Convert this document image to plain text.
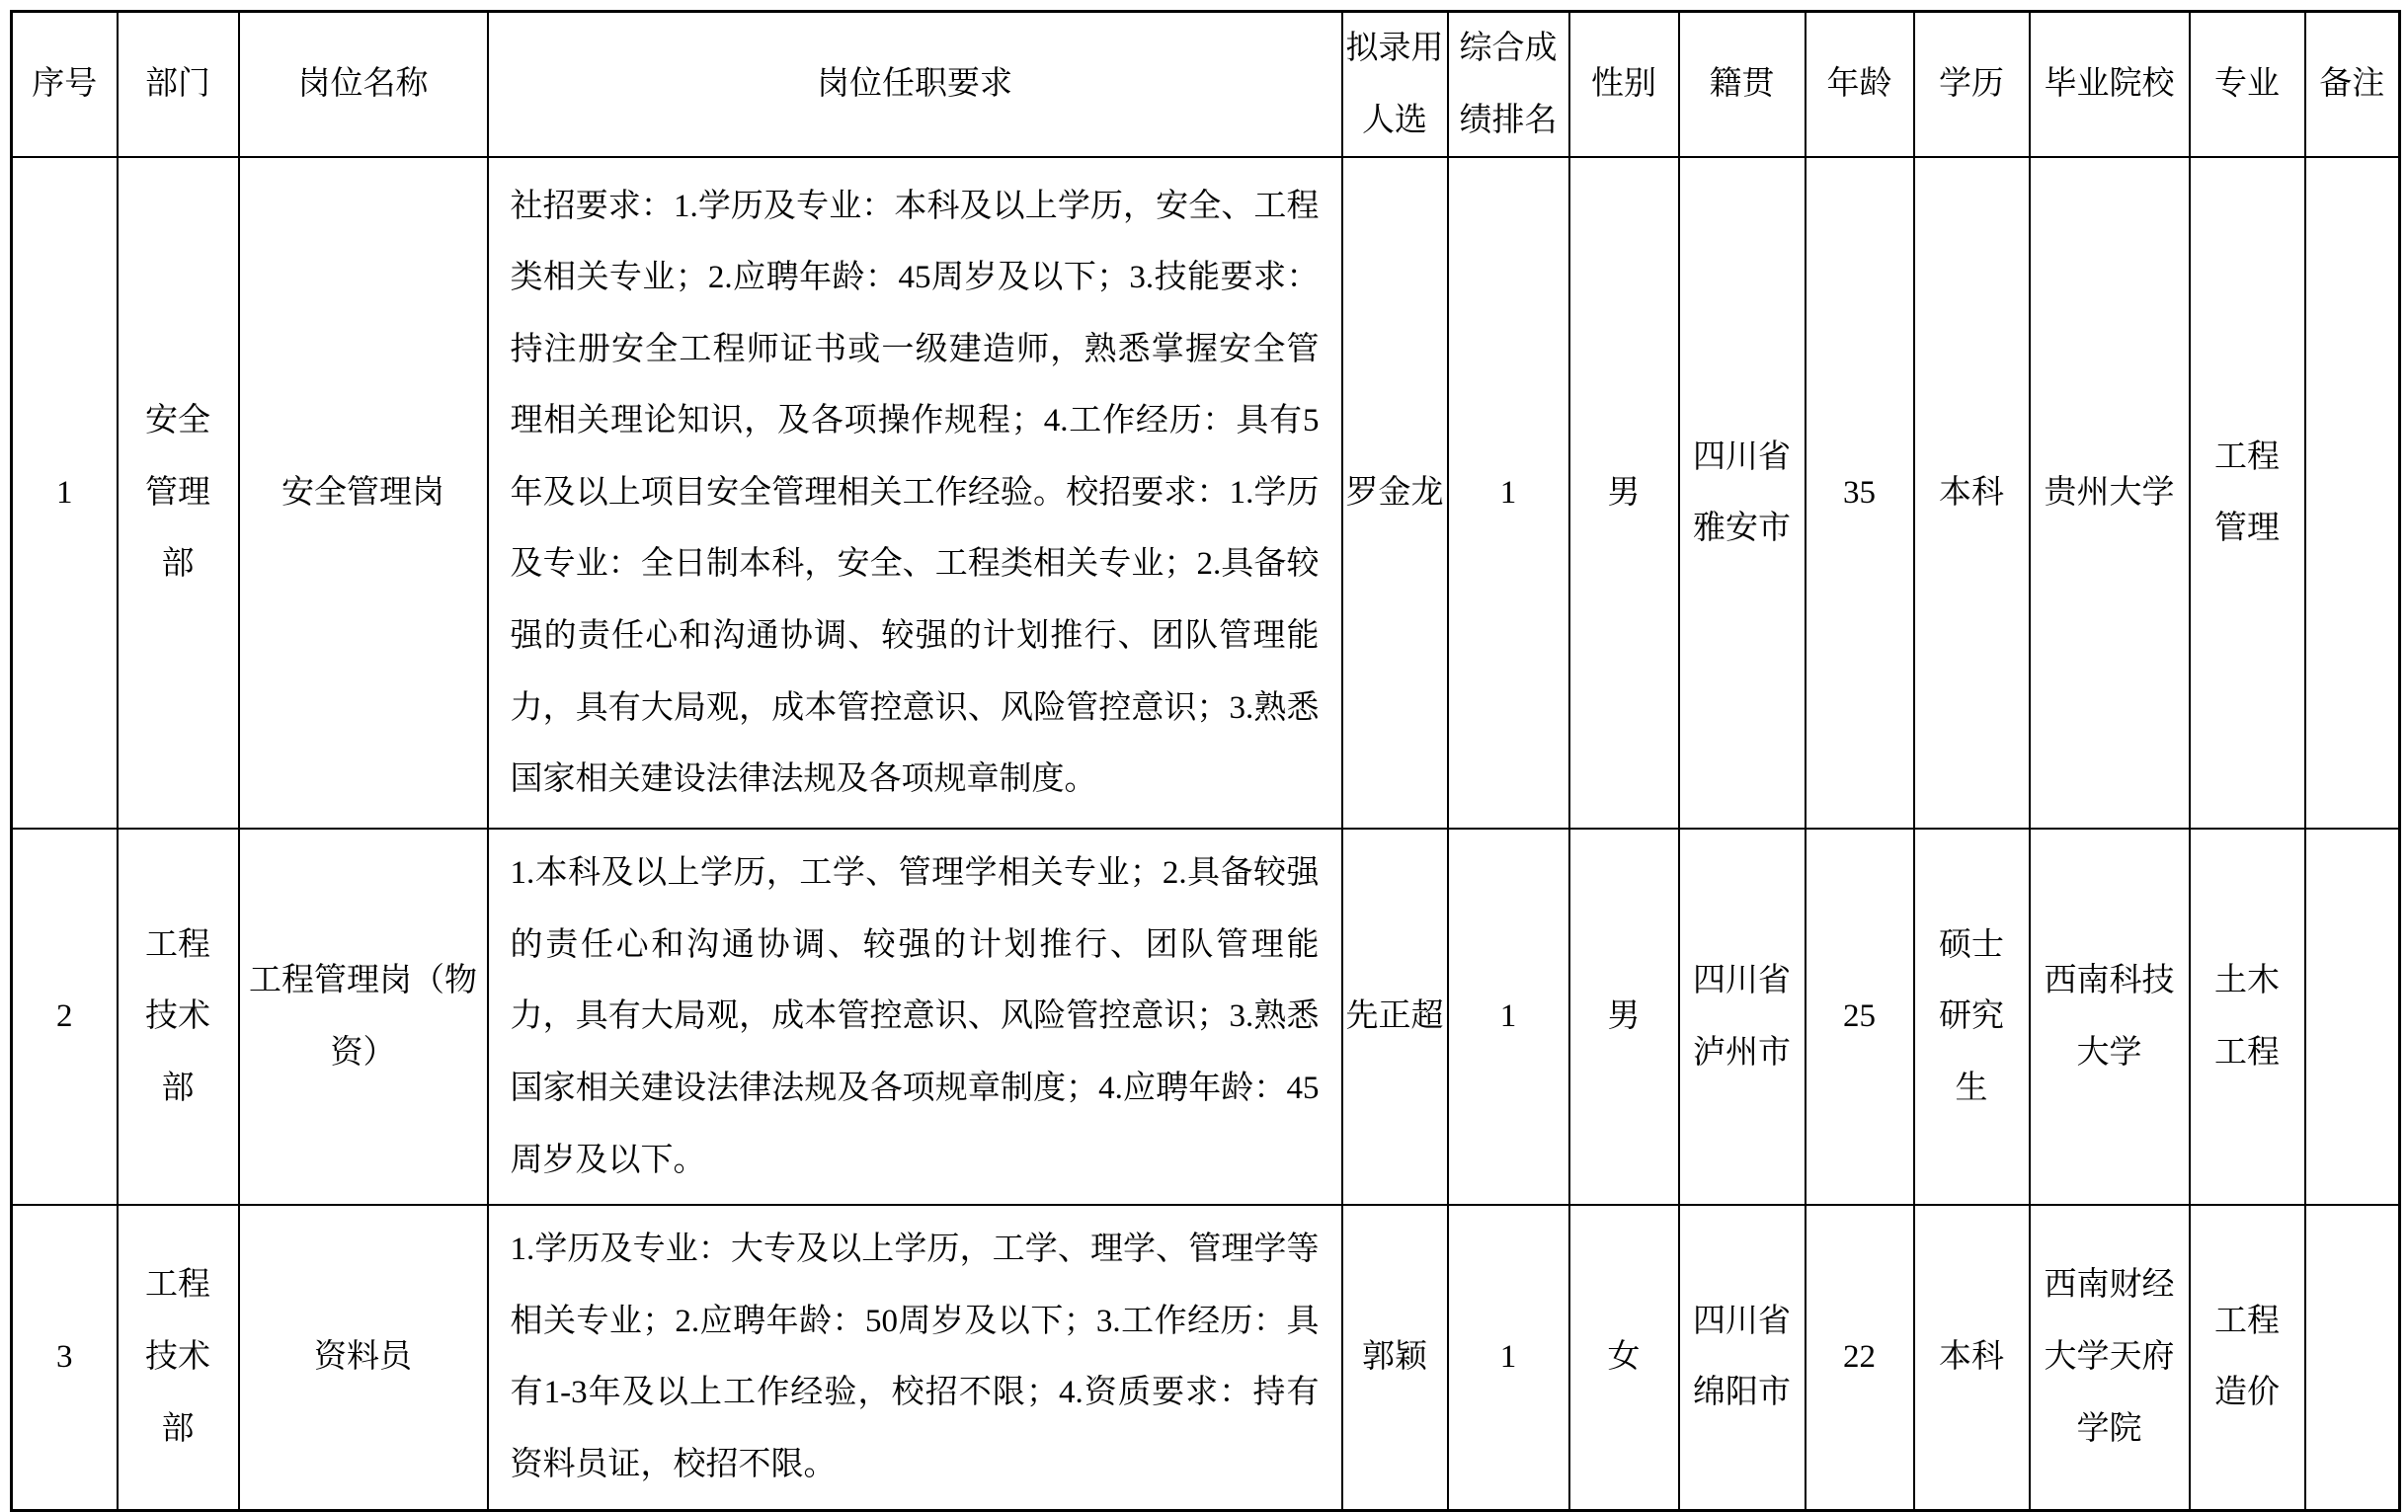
序号	部门	岗位名称	岗位任职要求	拟录用人选	综合成绩排名	性别	籍贯	年龄	学历	毕业院校	专业	备注
1	安全管理部	安全管理岗	社招要求：1.学历及专业：本科及以上学历，安全、工程类相关专业；2.应聘年龄：45周岁及以下；3.技能要求：持注册安全工程师证书或一级建造师，熟悉掌握安全管理相关理论知识，及各项操作规程；4.工作经历：具有5年及以上项目安全管理相关工作经验。校招要求：1.学历及专业：全日制本科，安全、工程类相关专业；2.具备较强的责任心和沟通协调、较强的计划推行、团队管理能力，具有大局观，成本管控意识、风险管控意识；3.熟悉国家相关建设法律法规及各项规章制度。	罗金龙	1	男	四川省雅安市	35	本科	贵州大学	工程管理	
2	工程技术部	工程管理岗（物资）	1.本科及以上学历，工学、管理学相关专业；2.具备较强的责任心和沟通协调、较强的计划推行、团队管理能力，具有大局观，成本管控意识、风险管控意识；3.熟悉国家相关建设法律法规及各项规章制度；4.应聘年龄：45周岁及以下。	先正超	1	男	四川省泸州市	25	硕士研究生	西南科技大学	土木工程	
3	工程技术部	资料员	1.学历及专业：大专及以上学历，工学、理学、管理学等相关专业；2.应聘年龄：50周岁及以下；3.工作经历：具有1-3年及以上工作经验，校招不限；4.资质要求：持有资料员证，校招不限。	郭颖	1	女	四川省绵阳市	22	本科	西南财经大学天府学院	工程造价	
